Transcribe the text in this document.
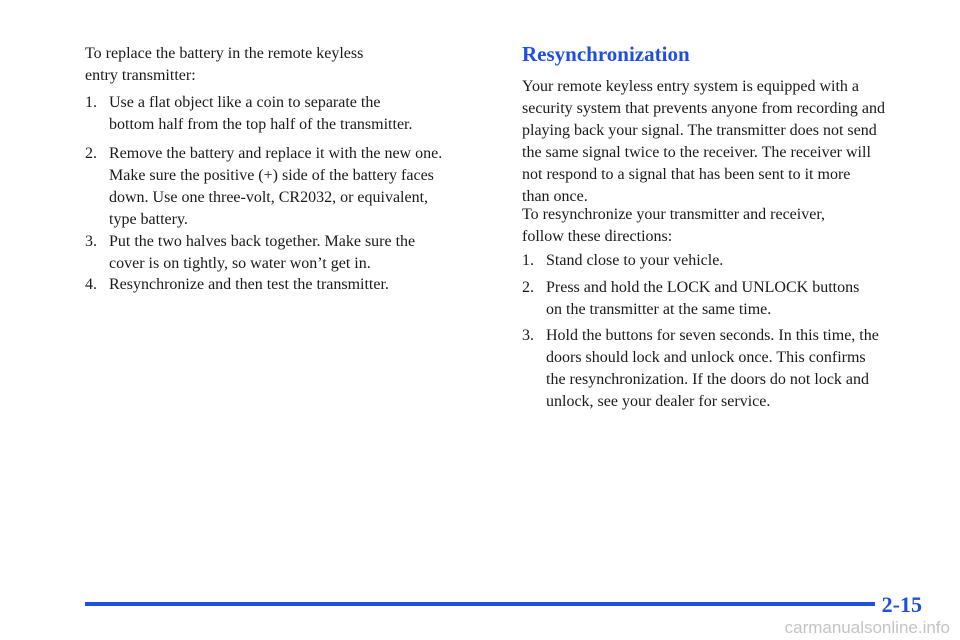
To replace the battery in the remote keyless
entry transmitter:

1. Use a flat object like a coin to separate the
bottom half from the top half of the transmitter.
2. Remove the battery and replace it with the new one.
Make sure the positive (+) side of the battery faces
down. Use one three-volt, CR2032, or equivalent,
type battery.
3. Put the two halves back together. Make sure the
cover is on tightly, so water won’t get in.
4. Resynchronize and then test the transmitter.
Resynchronization

Your remote keyless entry system is equipped with a
security system that prevents anyone from recording and
playing back your signal. The transmitter does not send
the same signal twice to the receiver. The receiver will
not respond to a signal that has been sent to it more
than once.

To resynchronize your transmitter and receiver,
follow these directions:

1. Stand close to your vehicle.
2. Press and hold the LOCK and UNLOCK buttons
on the transmitter at the same time.
3. Hold the buttons for seven seconds. In this time, the
doors should lock and unlock once. This confirms
the resynchronization. If the doors do not lock and
unlock, see your dealer for service.
2-15
carmanualsonline.info
